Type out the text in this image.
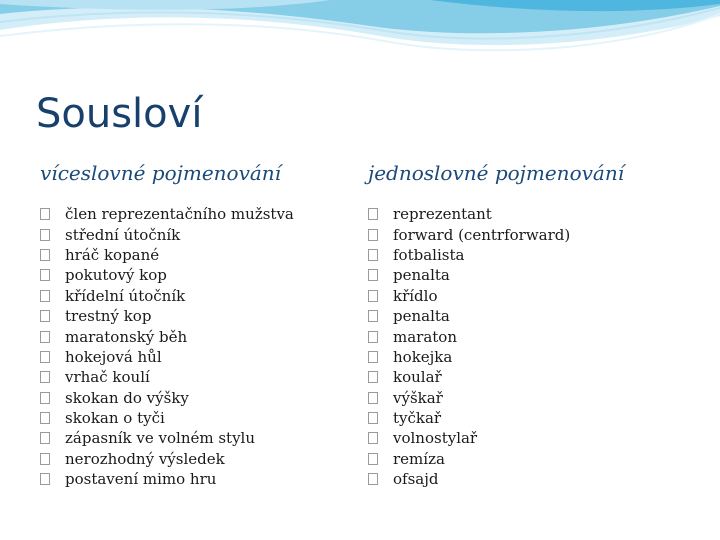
Sousloví
víceslovné pojmenování
člen reprezentačního mužstva
střední útočník
hráč kopané
pokutový kop
křídelní útočník
trestný kop
maratonský běh
hokejová hůl
vrhač koulí
skokan do výšky
skokan o tyči
zápasník ve volném stylu
nerozhodný výsledek
postavení mimo hru
jednoslovné pojmenování
reprezentant
forward (centrforward)
fotbalista
penalta
křídlo
penalta
maraton
hokejka
koulař
výškař
tyčkař
volnostylař
remíza
ofsajd
